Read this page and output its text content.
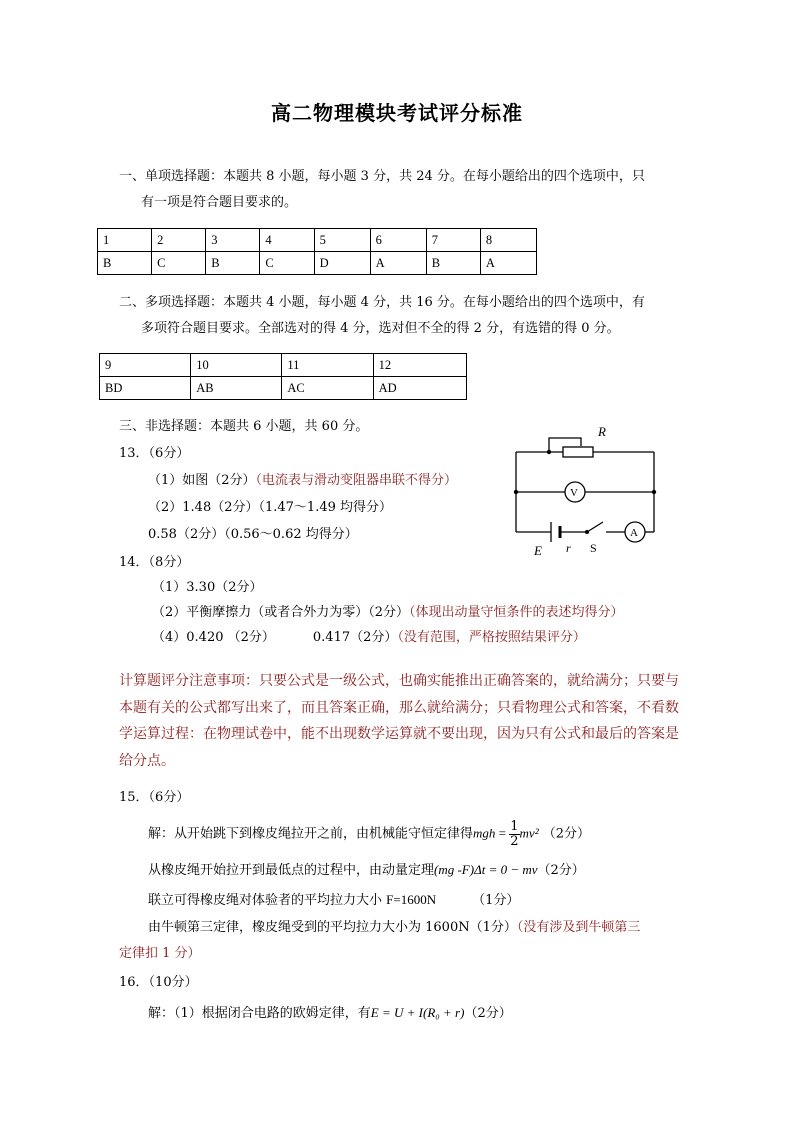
高二物理模块考试评分标准
一、单项选择题：本题共 8 小题，每小题 3 分，共 24 分。在每小题给出的四个选项中，只
有一项是符合题目要求的。
1	2	3	4	5	6	7	8
B	C	B	C	D	A	B	A
二、多项选择题：本题共 4 小题，每小题 4 分，共 16 分。在每小题给出的四个选项中，有
多项符合题目要求。全部选对的得 4 分，选对但不全的得 2 分，有选错的得 0 分。
9	10	11	12
BD	AB	AC	AD
三、非选择题：本题共 6 小题，共 60 分。
13．（6分）
（1）如图（2分）（电流表与滑动变阻器串联不得分）
（2）1.48（2分）（1.47～1.49 均得分）
0.58（2分）（0.56～0.62 均得分）
R
V
A
E r S
14．（8分）
（1）3.30（2分）
（2）平衡摩擦力（或者合外力为零）（2分）（体现出动量守恒条件的表述均得分）
（4）0.420 （2分）	0.417（2分）（没有范围，严格按照结果评分）
计算题评分注意事项：只要公式是一级公式，也确实能推出正确答案的，就给满分；只要与
本题有关的公式都写出来了，而且答案正确，那么就给满分；只看物理公式和答案，不看数
学运算过程：在物理试卷中，能不出现数学运算就不要出现，因为只有公式和最后的答案是
给分点。
15．（6分）
解：从开始跳下到橡皮绳拉开之前，由机械能守恒定律得mgh = $\frac{1}{2} mv^2$ （2分）
从橡皮绳开始拉开到最低点的过程中，由动量定理(mg -F)Δt = 0 − mv（2分）
联立可得橡皮绳对体验者的平均拉力大小 F=1600N	（1分）
由牛顿第三定律，橡皮绳受到的平均拉力大小为 1600N（1分）（没有涉及到牛顿第三
定律扣 1 分）
16．（10分）
解：（1）根据闭合电路的欧姆定律，有E = U + I(R₀ + r)（2分）
